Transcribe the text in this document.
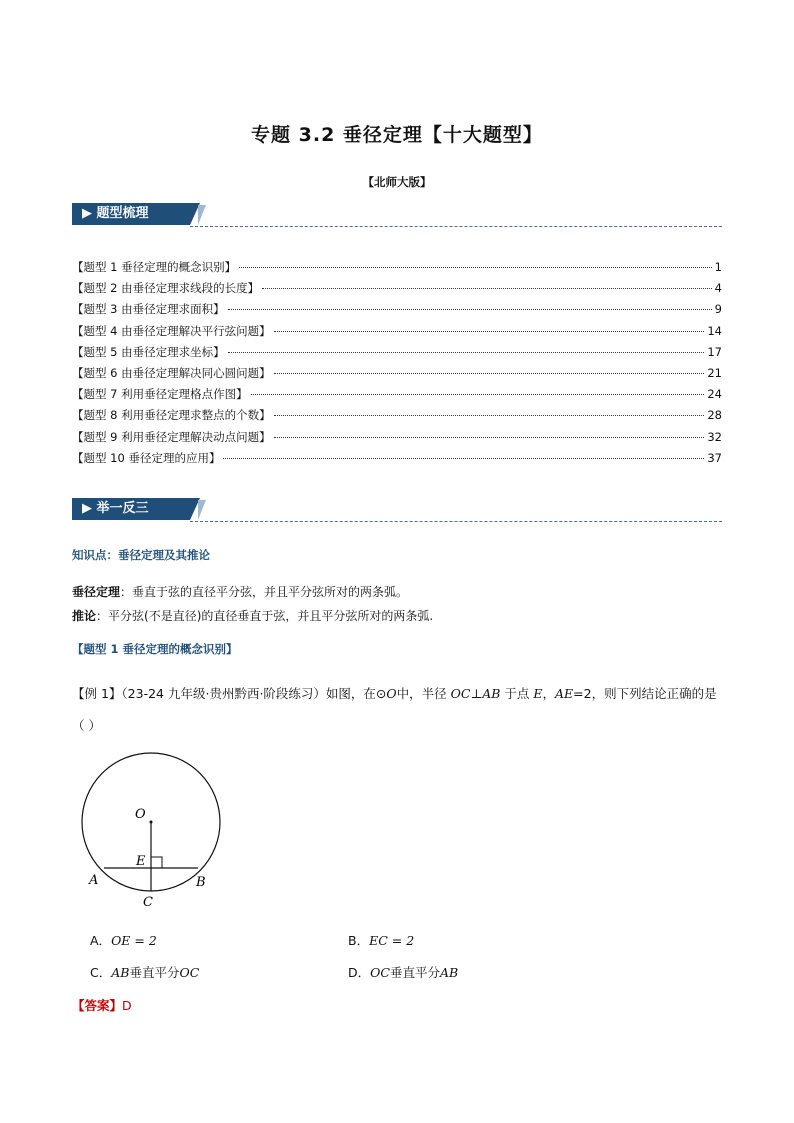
专题 3.2 垂径定理【十大题型】
【北师大版】
▶ 题型梳理
【题型 1 垂径定理的概念识别】	1
【题型 2 由垂径定理求线段的长度】	4
【题型 3 由垂径定理求面积】	9
【题型 4 由垂径定理解决平行弦问题】	14
【题型 5 由垂径定理求坐标】	17
【题型 6 由垂径定理解决同心圆问题】	21
【题型 7 利用垂径定理格点作图】	24
【题型 8 利用垂径定理求整点的个数】	28
【题型 9 利用垂径定理解决动点问题】	32
【题型 10 垂径定理的应用】	37
▶ 举一反三
知识点：垂径定理及其推论
垂径定理：垂直于弦的直径平分弦，并且平分弦所对的两条弧。
推论：平分弦(不是直径)的直径垂直于弦，并且平分弦所对的两条弧.
【题型 1 垂径定理的概念识别】
【例 1】（23-24 九年级·贵州黔西·阶段练习）如图，在⊙O中，半径 OC⊥AB 于点 E，AE=2，则下列结论正确的是（ ）
O
E
A	B
C
A．OE = 2	B．EC = 2
C．AB垂直平分OC	D．OC垂直平分AB
【答案】D
